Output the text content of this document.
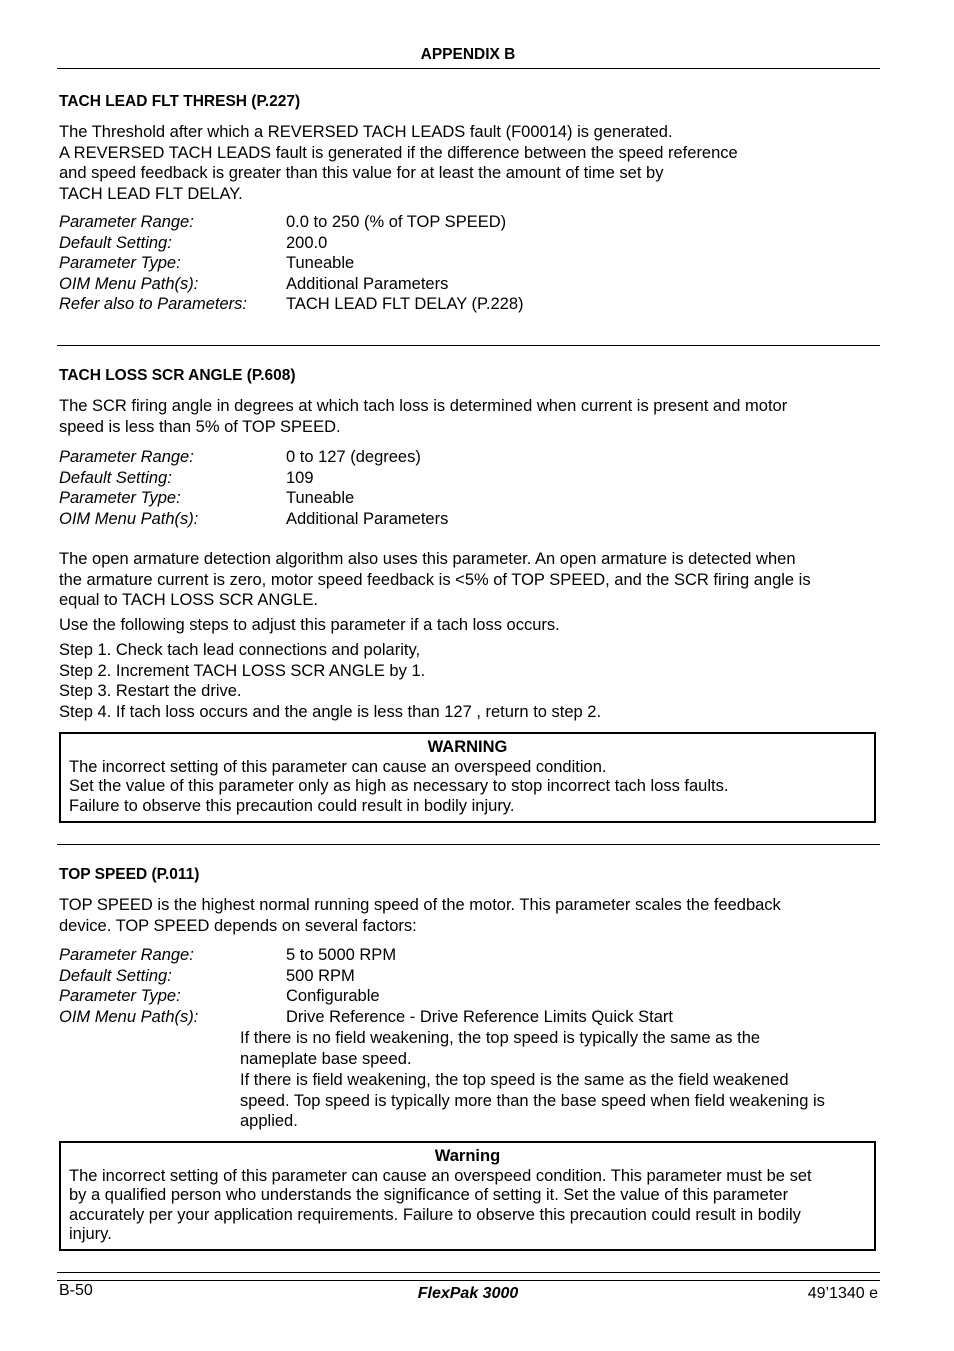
APPENDIX B
TACH LEAD FLT THRESH (P.227)
The Threshold after which a REVERSED TACH LEADS fault (F00014) is generated.
A REVERSED TACH LEADS fault is generated if the difference between the speed reference
and speed feedback is greater than this value for at least the amount of time set by
TACH LEAD FLT DELAY.
Parameter Range:	0.0 to 250 (% of TOP SPEED)
Default Setting:	200.0
Parameter Type:	Tuneable
OIM Menu Path(s):	Additional Parameters
Refer also to Parameters:	TACH LEAD FLT DELAY (P.228)
TACH LOSS SCR ANGLE (P.608)
The SCR firing angle in degrees at which tach loss is determined when current is present and motor
speed is less than 5% of TOP SPEED.
Parameter Range:	0 to 127 (degrees)
Default Setting:	109
Parameter Type:	Tuneable
OIM Menu Path(s):	Additional Parameters
The open armature detection algorithm also uses this parameter. An open armature is detected when
the armature current is zero, motor speed feedback is <5% of TOP SPEED, and the SCR firing angle is
equal to TACH LOSS SCR ANGLE.
Use the following steps to adjust this parameter if a tach loss occurs.
Step 1. Check tach lead connections and polarity,
Step 2. Increment TACH LOSS SCR ANGLE by 1.
Step 3. Restart the drive.
Step 4. If tach loss occurs and the angle is less than 127 , return to step 2.
WARNING
The incorrect setting of this parameter can cause an overspeed condition.
Set the value of this parameter only as high as necessary to stop incorrect tach loss faults.
Failure to observe this precaution could result in bodily injury.
TOP SPEED (P.011)
TOP SPEED is the highest normal running speed of the motor. This parameter scales the feedback
device. TOP SPEED depends on several factors:
Parameter Range:	5 to 5000 RPM
Default Setting:	500 RPM
Parameter Type:	Configurable
OIM Menu Path(s):	Drive Reference - Drive Reference Limits Quick Start
If there is no field weakening, the top speed is typically the same as the
nameplate base speed.
If there is field weakening, the top speed is the same as the field weakened
speed. Top speed is typically more than the base speed when field weakening is
applied.
Warning
The incorrect setting of this parameter can cause an overspeed condition. This parameter must be set
by a qualified person who understands the significance of setting it. Set the value of this parameter
accurately per your application requirements. Failure to observe this precaution could result in bodily
injury.
B-50	FlexPak 3000	49’1340 e
